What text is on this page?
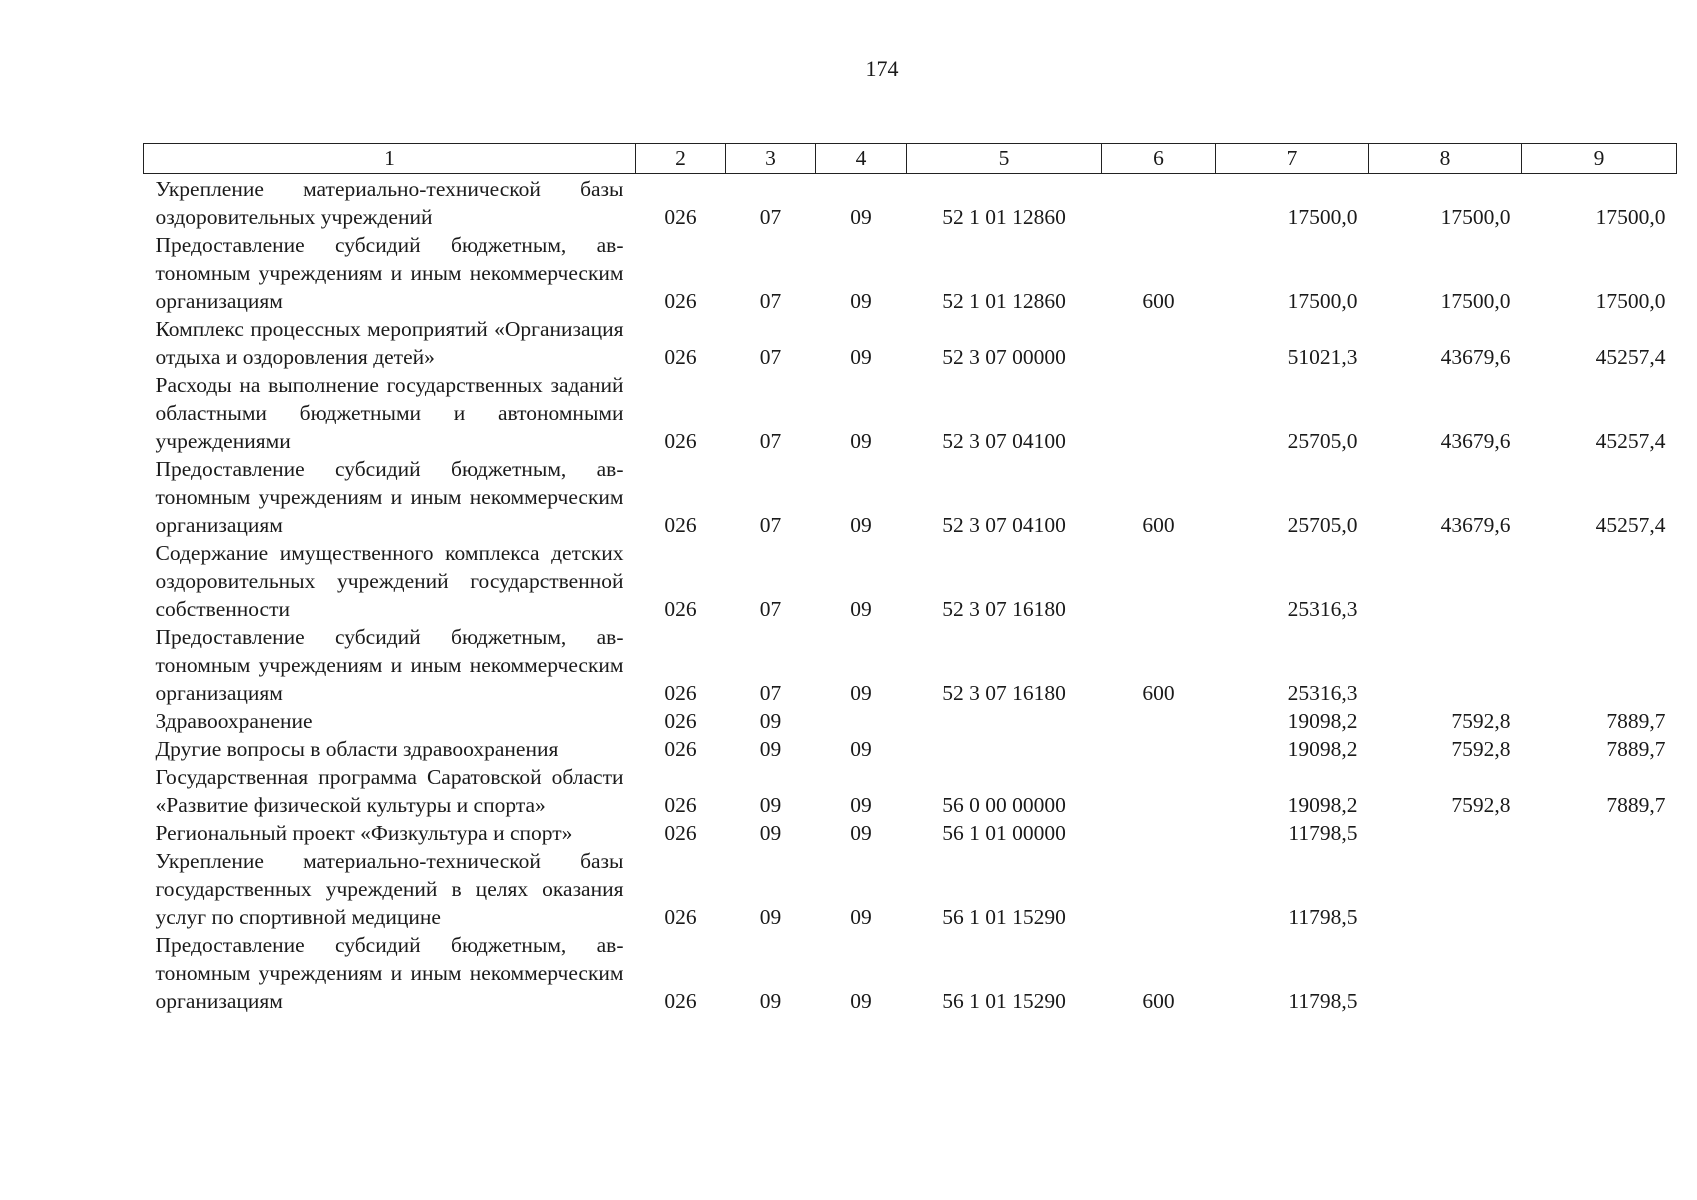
174
1	2	3	4	5	6	7	8	9
Укрепление материально-технической базы оздоровительных учреждений	026	07	09	52 1 01 12860		17500,0	17500,0	17500,0
Предоставление субсидий бюджетным, автономным учреждениям и иным некоммерческим организациям	026	07	09	52 1 01 12860	600	17500,0	17500,0	17500,0
Комплекс процессных мероприятий «Организация отдыха и оздоровления детей»	026	07	09	52 3 07 00000		51021,3	43679,6	45257,4
Расходы на выполнение государственных заданий областными бюджетными и автономными учреждениями	026	07	09	52 3 07 04100		25705,0	43679,6	45257,4
Предоставление субсидий бюджетным, автономным учреждениям и иным некоммерческим организациям	026	07	09	52 3 07 04100	600	25705,0	43679,6	45257,4
Содержание имущественного комплекса детских оздоровительных учреждений государственной собственности	026	07	09	52 3 07 16180		25316,3		
Предоставление субсидий бюджетным, автономным учреждениям и иным некоммерческим организациям	026	07	09	52 3 07 16180	600	25316,3		
Здравоохранение	026	09				19098,2	7592,8	7889,7
Другие вопросы в области здравоохранения	026	09	09			19098,2	7592,8	7889,7
Государственная программа Саратовской области «Развитие физической культуры и спорта»	026	09	09	56 0 00 00000		19098,2	7592,8	7889,7
Региональный проект «Физкультура и спорт»	026	09	09	56 1 01 00000		11798,5		
Укрепление материально-технической базы государственных учреждений в целях оказания услуг по спортивной медицине	026	09	09	56 1 01 15290		11798,5		
Предоставление субсидий бюджетным, автономным учреждениям и иным некоммерческим организациям	026	09	09	56 1 01 15290	600	11798,5		
